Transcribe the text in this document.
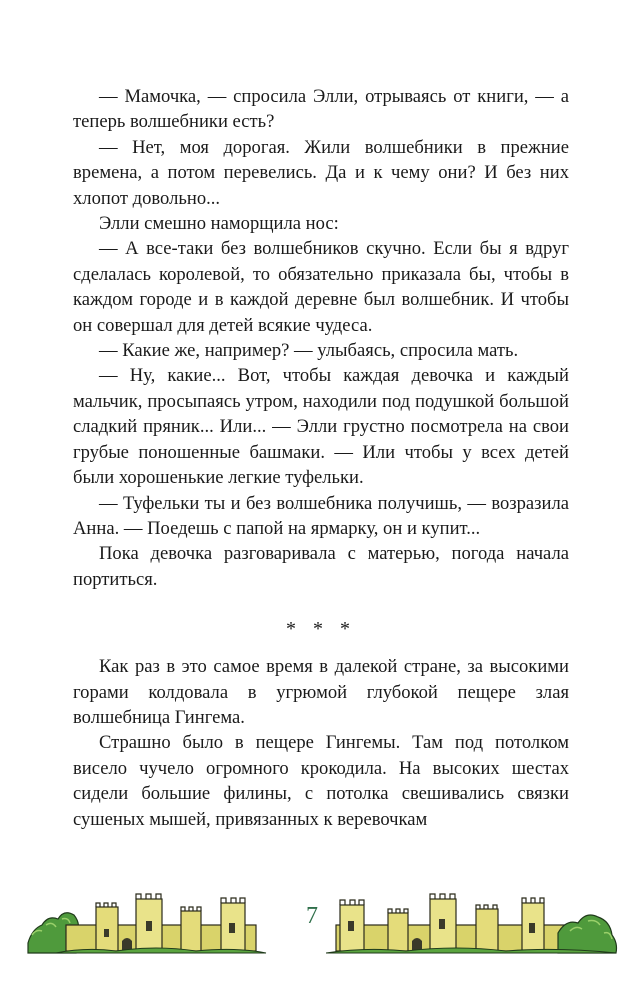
— Мамочка, — спросила Элли, отрываясь от книги, — а теперь волшебники есть?

— Нет, моя дорогая. Жили волшебники в прежние времена, а потом перевелись. Да и к чему они? И без них хлопот довольно...

Элли смешно наморщила нос:

— А все-таки без волшебников скучно. Если бы я вдруг сделалась королевой, то обязательно приказала бы, чтобы в каждом городе и в каждой деревне был волшебник. И чтобы он совершал для детей всякие чудеса.

— Какие же, например? — улыбаясь, спросила мать.

— Ну, какие... Вот, чтобы каждая девочка и каждый мальчик, просыпаясь утром, находили под подушкой большой сладкий пряник... Или... — Элли грустно посмотрела на свои грубые поношенные башмаки. — Или чтобы у всех детей были хорошенькие легкие туфельки.

— Туфельки ты и без волшебника получишь, — возразила Анна. — Поедешь с папой на ярмарку, он и купит...

Пока девочка разговаривала с матерью, погода начала портиться.

* * *

Как раз в это самое время в далекой стране, за высокими горами колдовала в угрюмой глубокой пещере злая волшебница Гингема.

Страшно было в пещере Гингемы. Там под потолком висело чучело огромного крокодила. На высоких шестах сидели большие филины, с потолка свешивались связки сушеных мышей, привязанных к веревочкам

7
